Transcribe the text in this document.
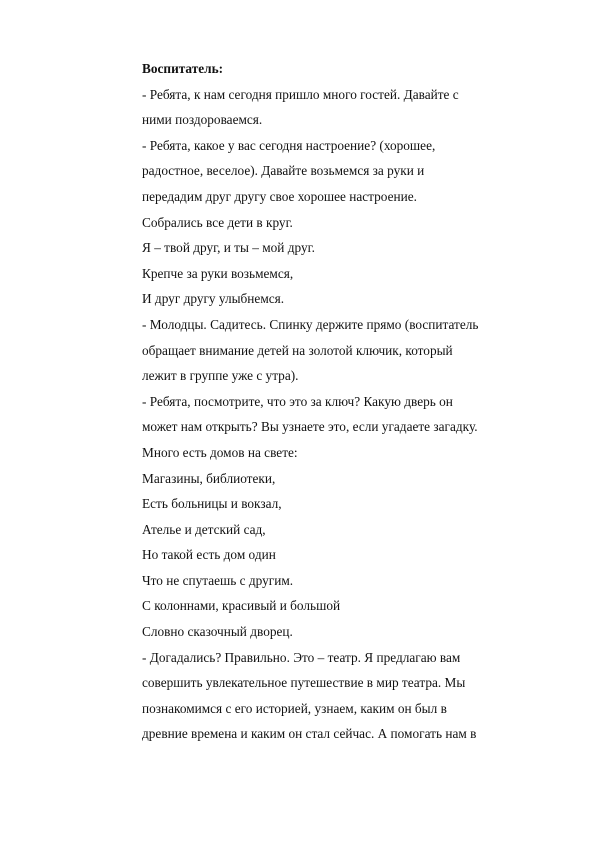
Воспитатель:
- Ребята, к нам сегодня пришло много гостей. Давайте с
ними поздороваемся.
- Ребята, какое у вас сегодня настроение? (хорошее,
радостное, веселое). Давайте возьмемся за руки и
передадим друг другу свое хорошее настроение.
Собрались все дети в круг.
Я – твой друг, и ты – мой друг.
Крепче за руки возьмемся,
И друг другу улыбнемся.
- Молодцы. Садитесь. Спинку держите прямо (воспитатель
обращает внимание детей на золотой ключик, который
лежит в группе уже с утра).
- Ребята, посмотрите, что это за ключ? Какую дверь он
может нам открыть? Вы узнаете это, если угадаете загадку.
Много есть домов на свете:
Магазины, библиотеки,
Есть больницы и вокзал,
Ателье и детский сад,
Но такой есть дом один
Что не спутаешь с другим.
С колоннами, красивый и большой
Словно сказочный дворец.
- Догадались? Правильно. Это – театр. Я предлагаю вам
совершить увлекательное путешествие в мир театра. Мы
познакомимся с его историей, узнаем, каким он был в
древние времена и каким он стал сейчас. А помогать нам в
